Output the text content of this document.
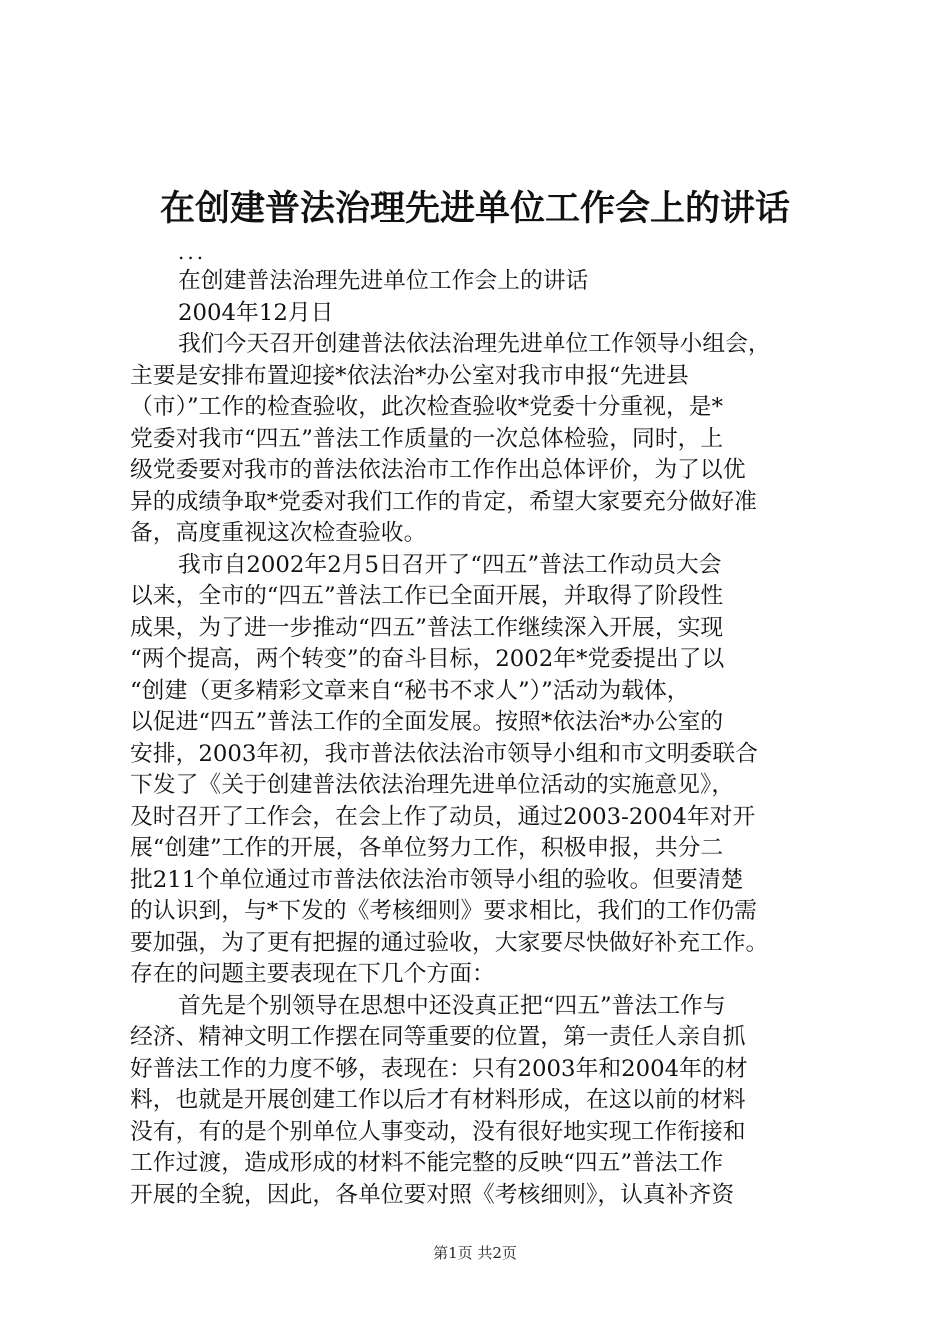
在创建普法治理先进单位工作会上的讲话
...
在创建普法治理先进单位工作会上的讲话
2004年12月日
我们今天召开创建普法依法治理先进单位工作领导小组会，
主要是安排布置迎接*依法治*办公室对我市申报“先进县
（市）”工作的检查验收，此次检查验收*党委十分重视，是*
党委对我市“四五”普法工作质量的一次总体检验，同时，上
级党委要对我市的普法依法治市工作作出总体评价，为了以优
异的成绩争取*党委对我们工作的肯定，希望大家要充分做好准
备，高度重视这次检查验收。
我市自2002年2月5日召开了“四五”普法工作动员大会
以来，全市的“四五”普法工作已全面开展，并取得了阶段性
成果，为了进一步推动“四五”普法工作继续深入开展，实现
“两个提高，两个转变”的奋斗目标，2002年*党委提出了以
“创建（更多精彩文章来自“秘书不求人”）”活动为载体，
以促进“四五”普法工作的全面发展。按照*依法治*办公室的
安排，2003年初，我市普法依法治市领导小组和市文明委联合
下发了《关于创建普法依法治理先进单位活动的实施意见》，
及时召开了工作会，在会上作了动员，通过2003-2004年对开
展“创建”工作的开展，各单位努力工作，积极申报，共分二
批211个单位通过市普法依法治市领导小组的验收。但要清楚
的认识到，与*下发的《考核细则》要求相比，我们的工作仍需
要加强，为了更有把握的通过验收，大家要尽快做好补充工作。
存在的问题主要表现在下几个方面：
首先是个别领导在思想中还没真正把“四五”普法工作与
经济、精神文明工作摆在同等重要的位置，第一责任人亲自抓
好普法工作的力度不够，表现在：只有2003年和2004年的材
料，也就是开展创建工作以后才有材料形成，在这以前的材料
没有，有的是个别单位人事变动，没有很好地实现工作衔接和
工作过渡，造成形成的材料不能完整的反映“四五”普法工作
开展的全貌，因此，各单位要对照《考核细则》，认真补齐资
第1页 共2页
